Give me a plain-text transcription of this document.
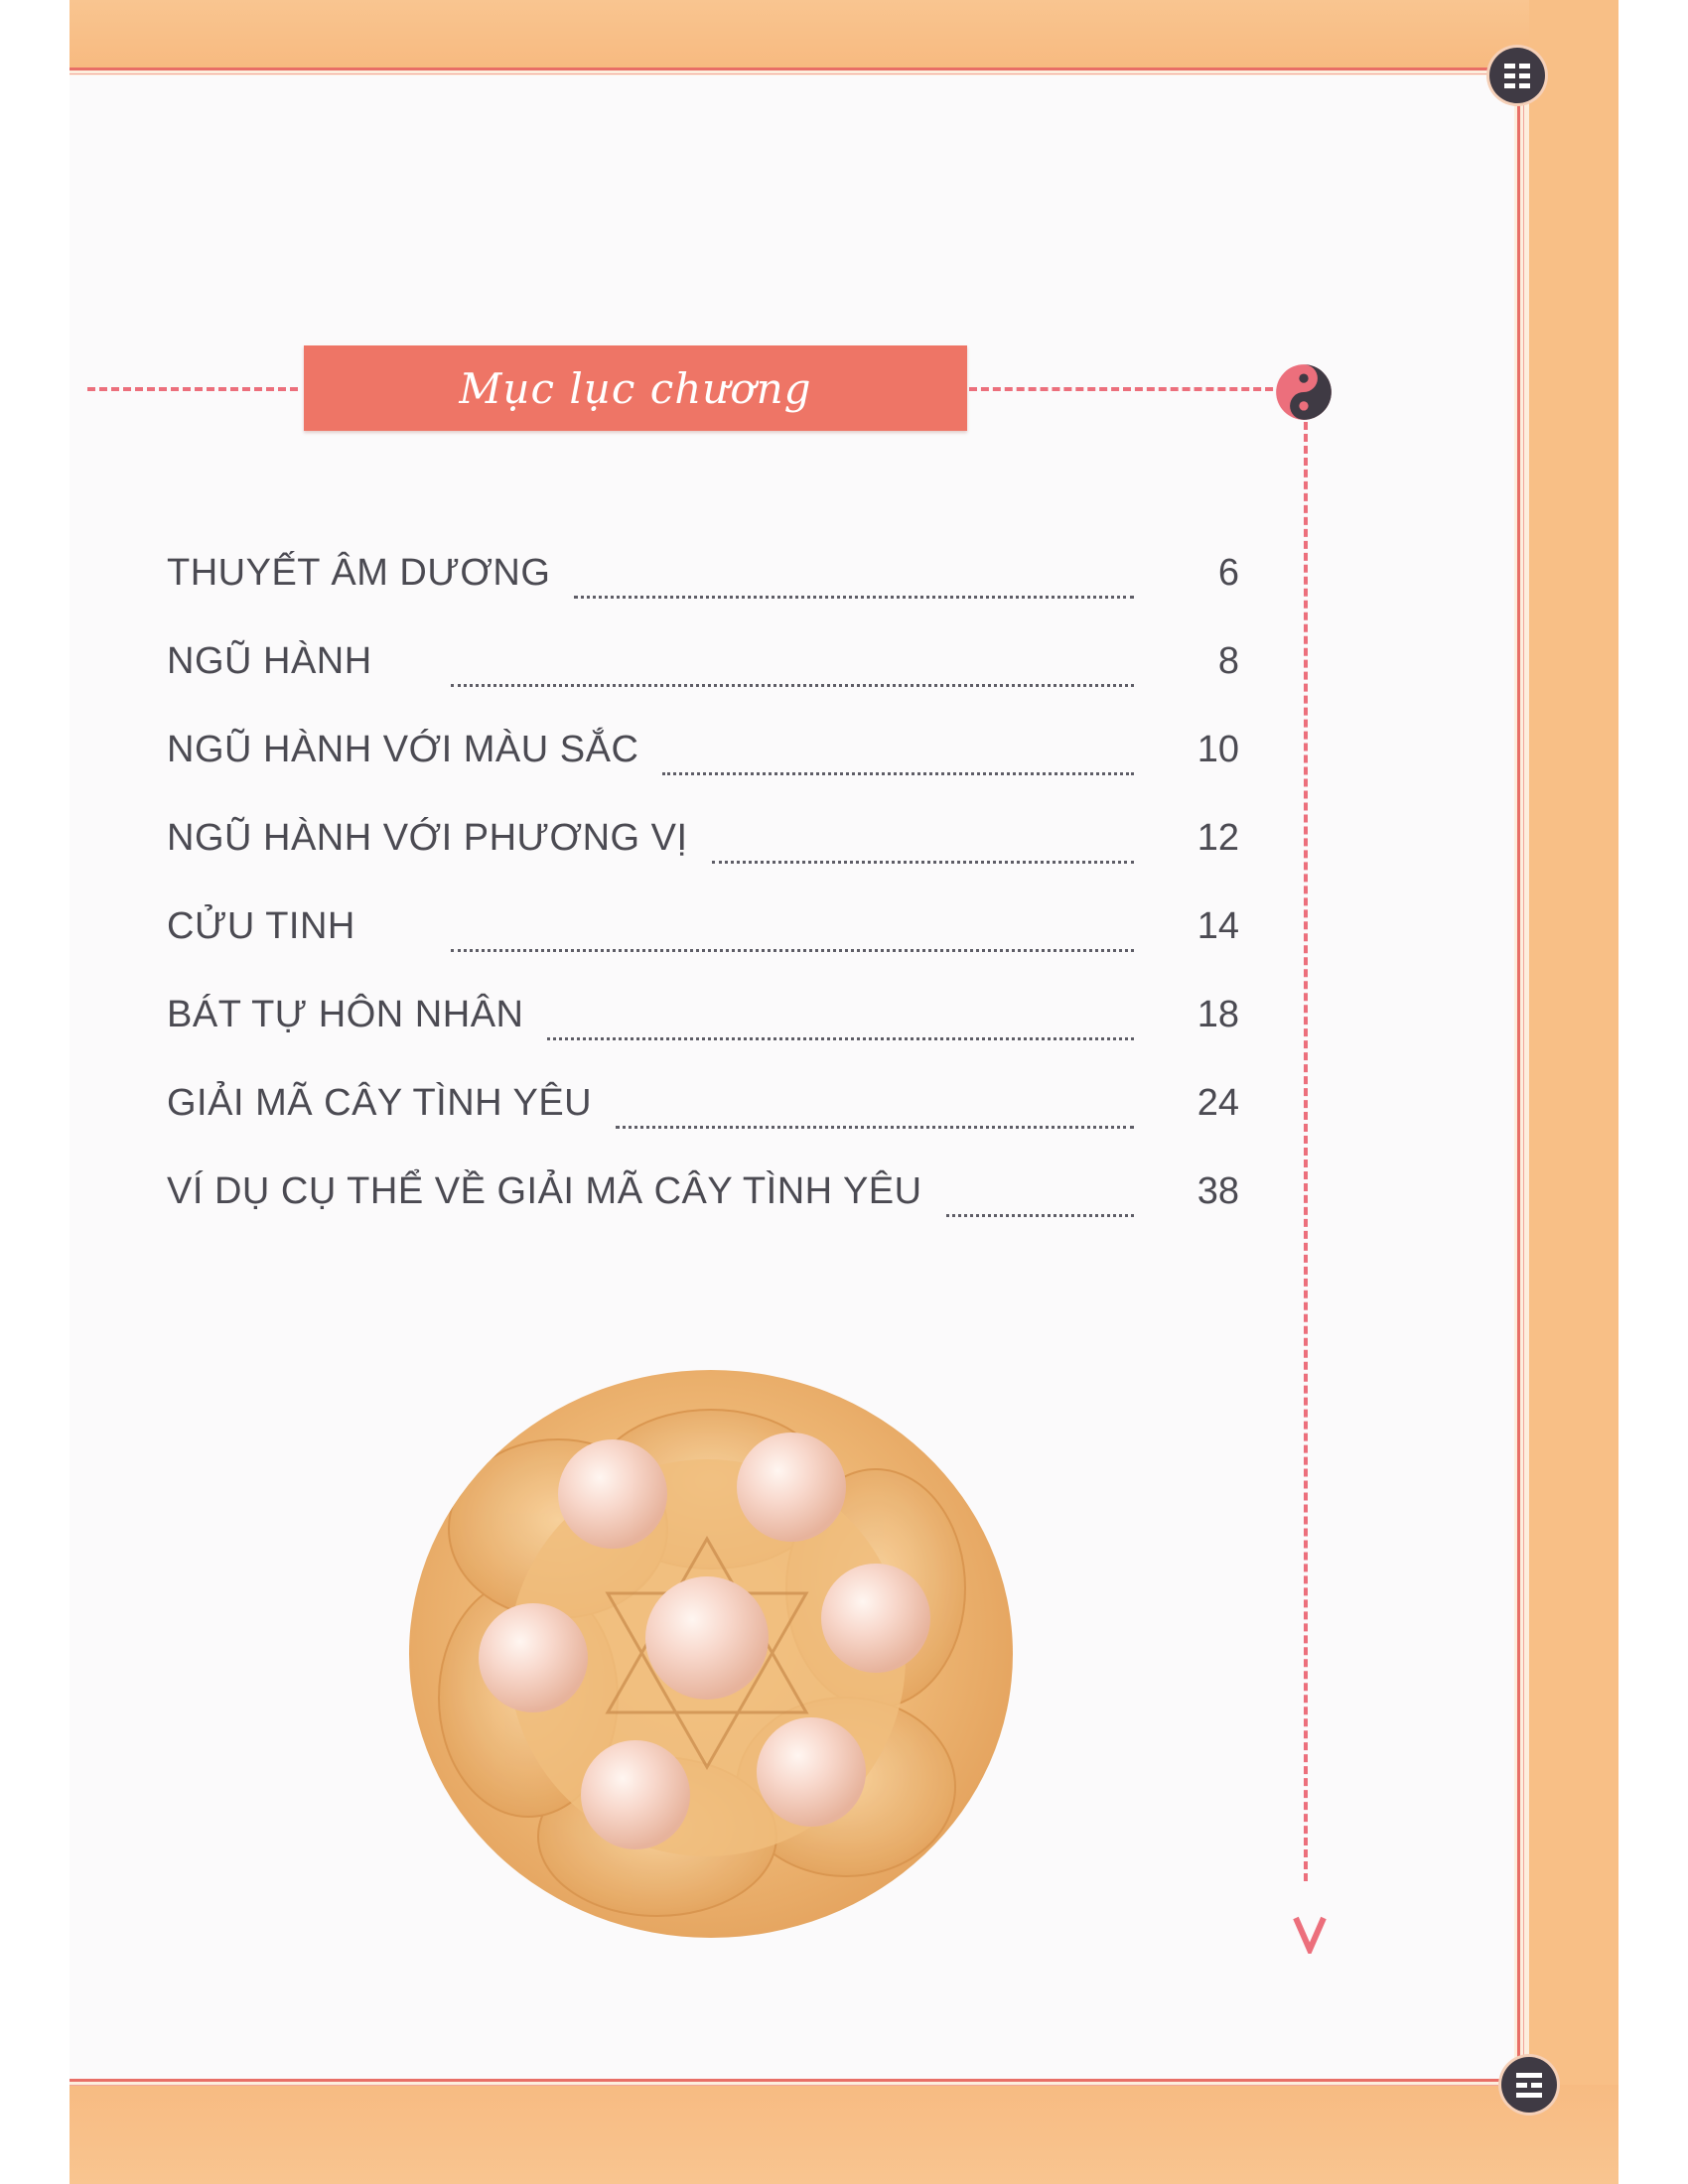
Mục lục chương
THUYẾT ÂM DƯƠNG	6
NGŨ HÀNH	8
NGŨ HÀNH VỚI MÀU SẮC	10
NGŨ HÀNH VỚI PHƯƠNG VỊ	12
CỬU TINH	14
BÁT TỰ HÔN NHÂN	18
GIẢI MÃ CÂY TÌNH YÊU	24
VÍ DỤ CỤ THỂ VỀ GIẢI MÃ CÂY TÌNH YÊU	38
